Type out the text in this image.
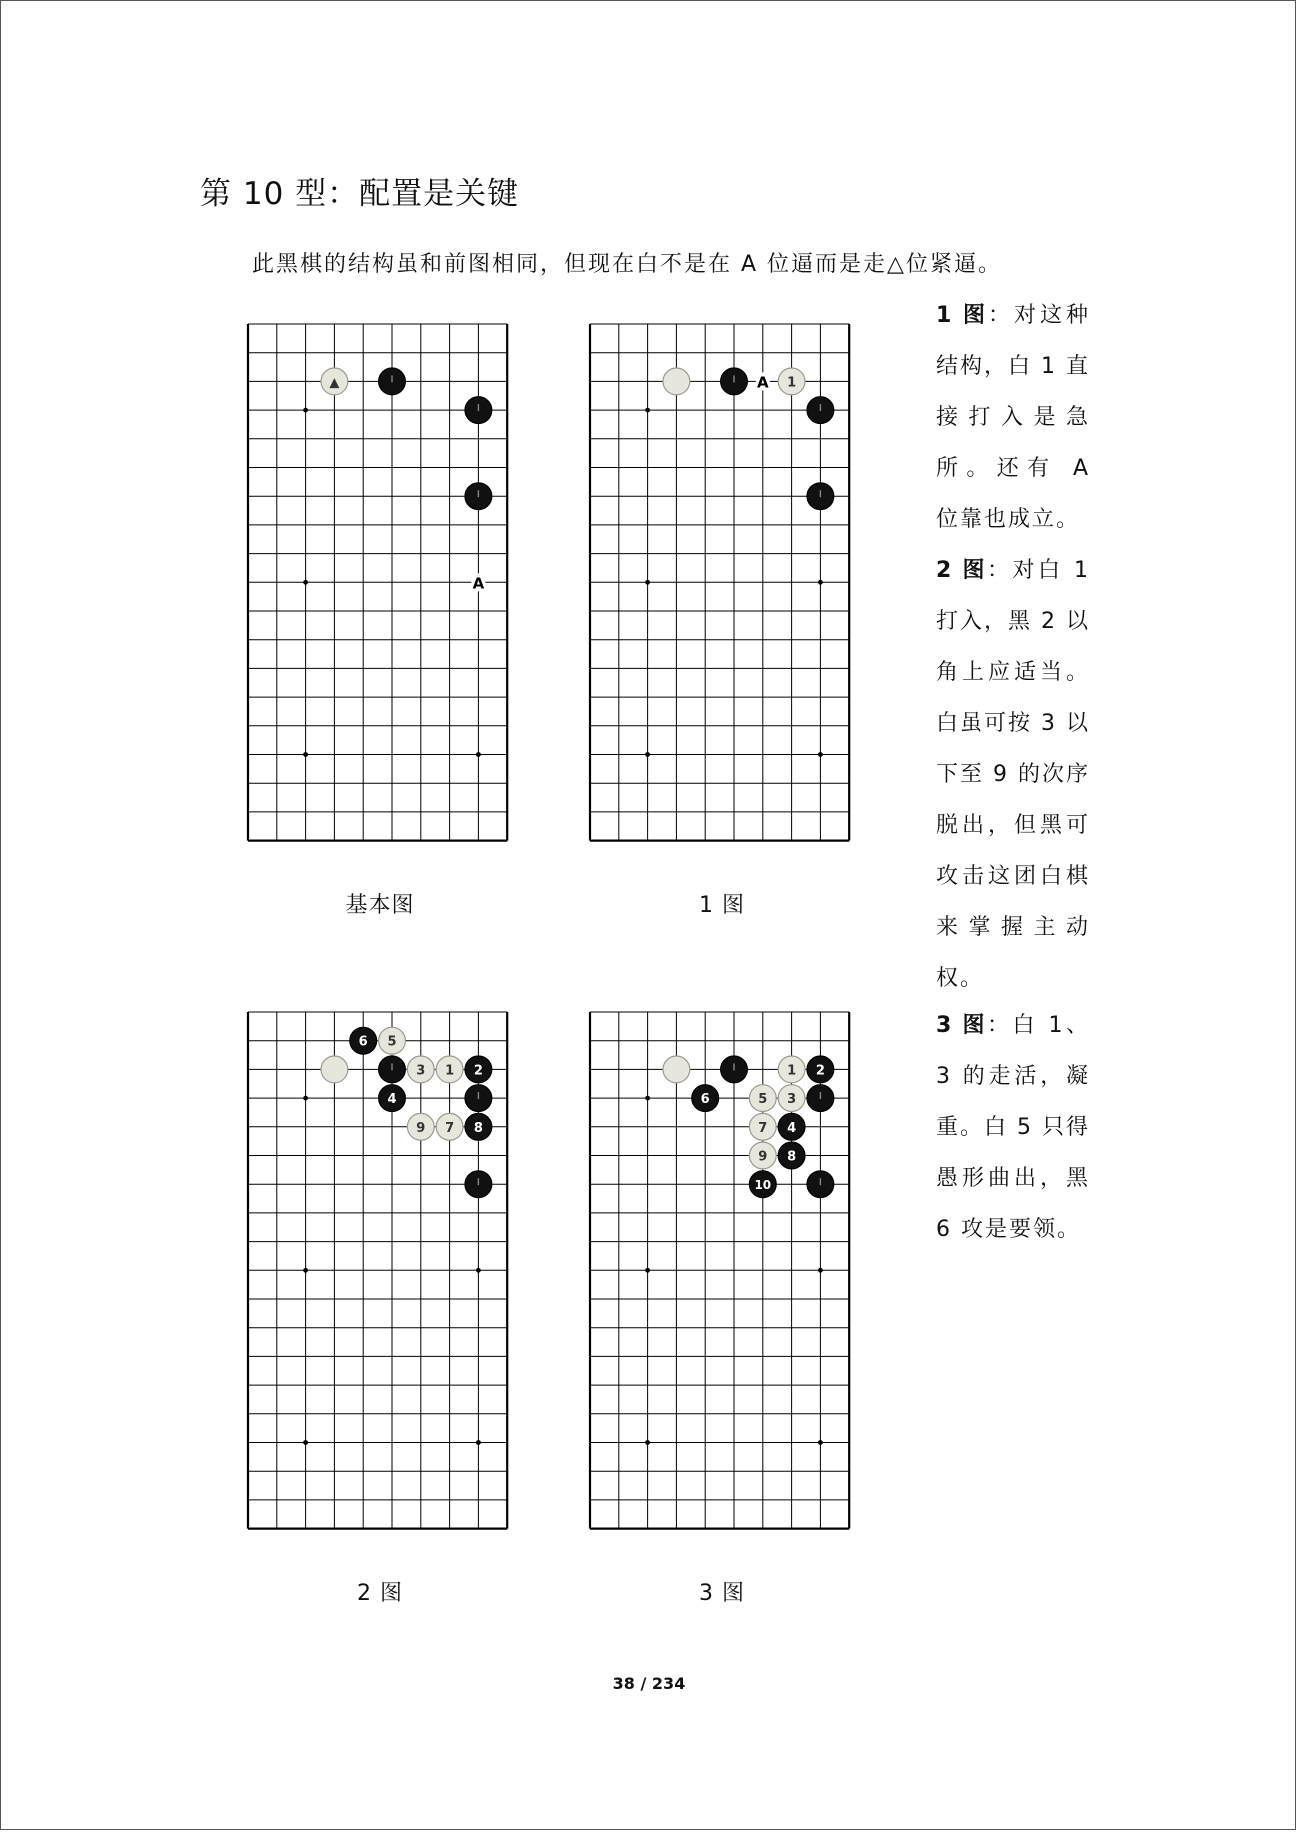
第 10 型：配置是关键
此黑棋的结构虽和前图相同，但现在白不是在 A 位逼而是走△位紧逼。
A
▲	A 1
6 5
3 1 2
4
9 7 8
1 2
6	5 3
7 4
9 8
10
基本图	1 图
2 图	3 图

1 图：对这种结构，白 1 直接打入是急所。还有 A 位靠也成立。

2 图：对白 1 打入，黑 2 以角上应适当。白虽可按 3 以下至 9 的次序脱出，但黑可攻击这团白棋来掌握主动权。

3 图：白 1、3 的走活，凝重。白 5 只得愚形曲出，黑 6 攻是要领。

38 / 234
